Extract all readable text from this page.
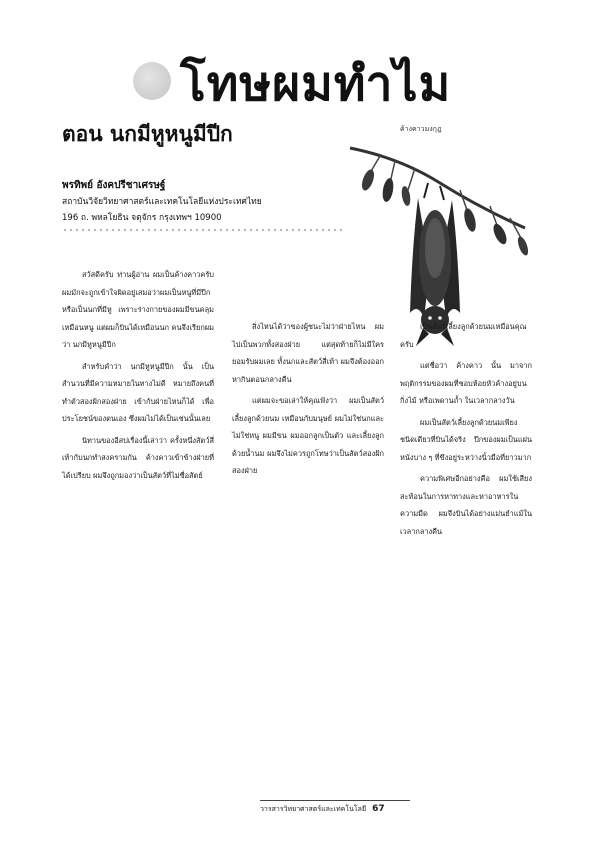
โทษผมทำไม
ตอน นกมีหูหนูมีปีก	ค้างคาวมงกุฎ
พรทิพย์ อังคปรีชาเศรษฐ์
สถาบันวิจัยวิทยาศาสตร์และเทคโนโลยีแห่งประเทศไทย
196 ถ. พหลโยธิน จตุจักร กรุงเทพฯ 10900

สวัสดีครับ ท่านผู้อ่าน ผมเป็นค้างคาวครับ ผมมักจะถูกเข้าใจผิดอยู่เสมอว่าผมเป็นหนูที่มีปีก หรือเป็นนกที่มีหู เพราะร่างกายของผมมีขนคลุมเหมือนหนู แต่ผมก็บินได้เหมือนนก คนจึงเรียกผมว่า นกมีหูหนูมีปีก

สำหรับคำว่า นกมีหูหนูมีปีก นั้น เป็นสำนวนที่มีความหมายในทางไม่ดี หมายถึงคนที่ทำตัวสองฝักสองฝ่าย เข้ากับฝ่ายไหนก็ได้ เพื่อประโยชน์ของตนเอง ซึ่งผมไม่ได้เป็นเช่นนั้นเลย

นิทานของอีสปเรื่องนี้เล่าว่า ครั้งหนึ่งสัตว์สี่เท้ากับนกทำสงครามกัน ค้างคาวเข้าข้างฝ่ายที่ได้เปรียบ ผมจึงถูกมองว่าเป็นสัตว์ที่ไม่ซื่อสัตย์

สิ่งไหนได้ว่าของผู้ชนะไม่ว่าฝ่ายไหน ผมไปเป็นพวกทั้งสองฝ่าย แต่สุดท้ายก็ไม่มีใครยอมรับผมเลย ทั้งนกและสัตว์สี่เท้า ผมจึงต้องออกหากินตอนกลางคืน

แต่ผมจะขอเล่าให้คุณฟังว่า ผมเป็นสัตว์เลี้ยงลูกด้วยนม เหมือนกับมนุษย์ ผมไม่ใช่นกและไม่ใช่หนู ผมมีขน ผมออกลูกเป็นตัว และเลี้ยงลูกด้วยน้ำนม ผมจึงไม่ควรถูกโทษว่าเป็นสัตว์สองฝักสองฝ่าย

เป็นสัตว์เลี้ยงลูกด้วยนมเหมือนคุณครับ

แต่ชื่อว่า ค้างคาว นั้น มาจากพฤติกรรมของผมที่ชอบห้อยหัวค้างอยู่บนกิ่งไม้ หรือเพดานถ้ำ ในเวลากลางวัน

ผมเป็นสัตว์เลี้ยงลูกด้วยนมเพียงชนิดเดียวที่บินได้จริง ปีกของผมเป็นแผ่นหนังบาง ๆ ที่ขึงอยู่ระหว่างนิ้วมือที่ยาวมาก

ความพิเศษอีกอย่างคือ ผมใช้เสียงสะท้อนในการหาทางและหาอาหารในความมืด ผมจึงบินได้อย่างแม่นยำแม้ในเวลากลางคืน

วารสารวิทยาศาสตร์และเทคโนโลยี 67
